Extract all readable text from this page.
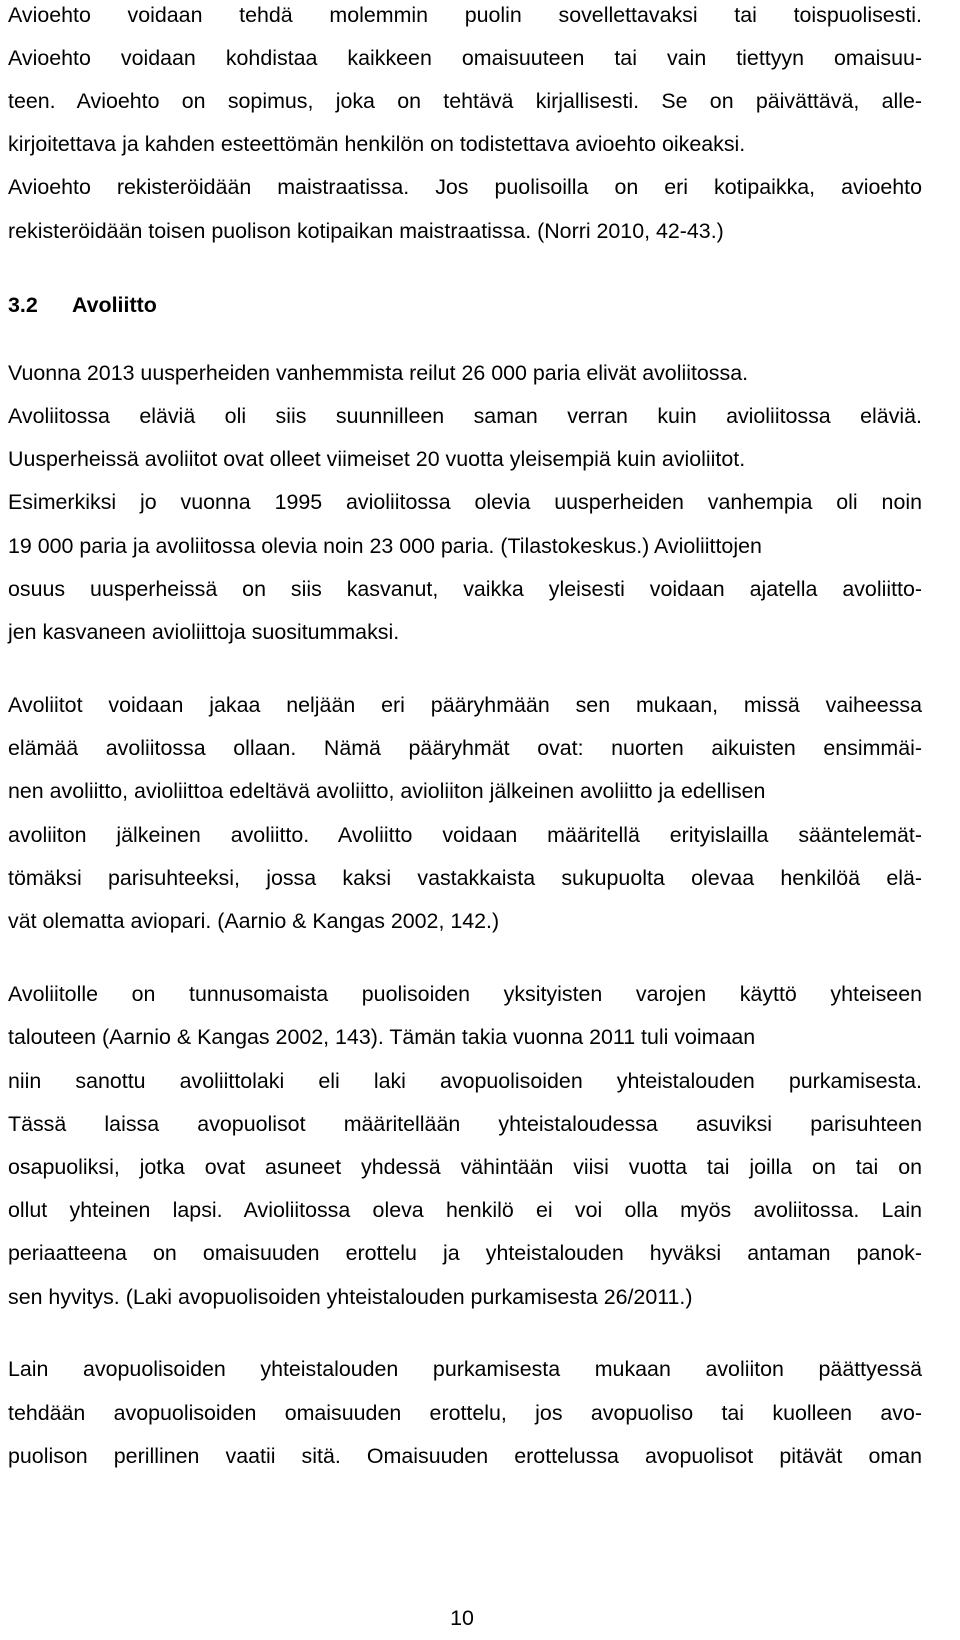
Avioehto voidaan tehdä molemmin puolin sovellettavaksi tai toispuolisesti.

Avioehto voidaan kohdistaa kaikkeen omaisuuteen tai vain tiettyyn omaisuu-

teen. Avioehto on sopimus, joka on tehtävä kirjallisesti. Se on päivättävä, alle-

kirjoitettava ja kahden esteettömän henkilön on todistettava avioehto oikeaksi.

Avioehto rekisteröidään maistraatissa. Jos puolisoilla on eri kotipaikka, avioehto

rekisteröidään toisen puolison kotipaikan maistraatissa. (Norri 2010, 42-43.)

3.2 Avoliitto

Vuonna 2013 uusperheiden vanhemmista reilut 26 000 paria elivät avoliitossa.

Avoliitossa eläviä oli siis suunnilleen saman verran kuin avioliitossa eläviä.

Uusperheissä avoliitot ovat olleet viimeiset 20 vuotta yleisempiä kuin avioliitot.

Esimerkiksi jo vuonna 1995 avioliitossa olevia uusperheiden vanhempia oli noin

19 000 paria ja avoliitossa olevia noin 23 000 paria. (Tilastokeskus.) Avioliittojen

osuus uusperheissä on siis kasvanut, vaikka yleisesti voidaan ajatella avoliitto-

jen kasvaneen avioliittoja suositummaksi.

Avoliitot voidaan jakaa neljään eri pääryhmään sen mukaan, missä vaiheessa

elämää avoliitossa ollaan. Nämä pääryhmät ovat: nuorten aikuisten ensimmäi-

nen avoliitto, avioliittoa edeltävä avoliitto, avioliiton jälkeinen avoliitto ja edellisen

avoliiton jälkeinen avoliitto. Avoliitto voidaan määritellä erityislailla sääntelemät-

tömäksi parisuhteeksi, jossa kaksi vastakkaista sukupuolta olevaa henkilöä elä-

vät olematta aviopari. (Aarnio & Kangas 2002, 142.)

Avoliitolle on tunnusomaista puolisoiden yksityisten varojen käyttö yhteiseen

talouteen (Aarnio & Kangas 2002, 143). Tämän takia vuonna 2011 tuli voimaan

niin sanottu avoliittolaki eli laki avopuolisoiden yhteistalouden purkamisesta.

Tässä laissa avopuolisot määritellään yhteistaloudessa asuviksi parisuhteen

osapuoliksi, jotka ovat asuneet yhdessä vähintään viisi vuotta tai joilla on tai on

ollut yhteinen lapsi. Avioliitossa oleva henkilö ei voi olla myös avoliitossa. Lain

periaatteena on omaisuuden erottelu ja yhteistalouden hyväksi antaman panok-

sen hyvitys. (Laki avopuolisoiden yhteistalouden purkamisesta 26/2011.)

Lain avopuolisoiden yhteistalouden purkamisesta mukaan avoliiton päättyessä

tehdään avopuolisoiden omaisuuden erottelu, jos avopuoliso tai kuolleen avo-

puolison perillinen vaatii sitä. Omaisuuden erottelussa avopuolisot pitävät oman

10
